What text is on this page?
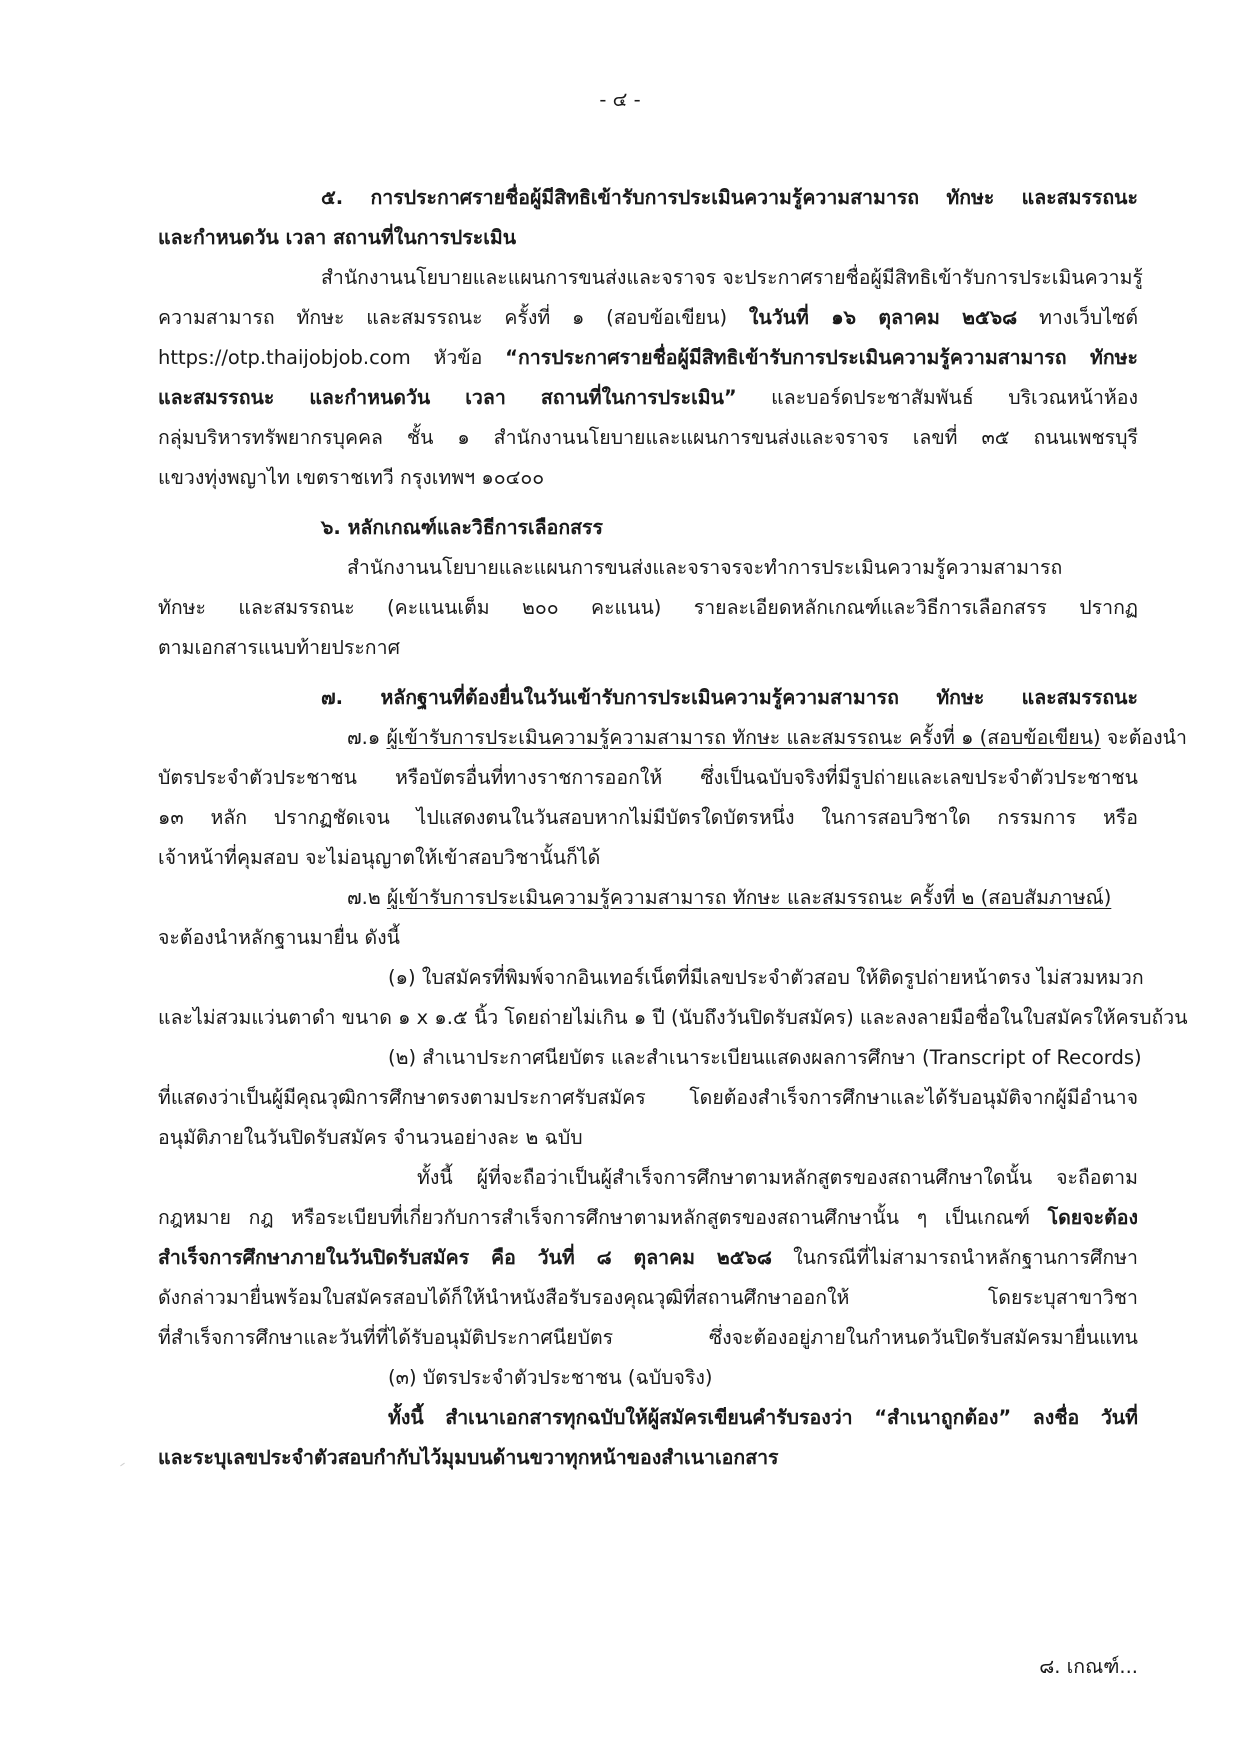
- ๔ -
๕. การประกาศรายชื่อผู้มีสิทธิเข้ารับการประเมินความรู้ความสามารถ ทักษะ และสมรรถนะ
และกำหนดวัน เวลา สถานที่ในการประเมิน
สำนักงานนโยบายและแผนการขนส่งและจราจร จะประกาศรายชื่อผู้มีสิทธิเข้ารับการประเมินความรู้
ความสามารถ ทักษะ และสมรรถนะ ครั้งที่ ๑ (สอบข้อเขียน) ในวันที่ ๑๖ ตุลาคม ๒๕๖๘ ทางเว็บไซต์
https://otp.thaijobjob.com หัวข้อ “การประกาศรายชื่อผู้มีสิทธิเข้ารับการประเมินความรู้ความสามารถ ทักษะ
และสมรรถนะ และกำหนดวัน เวลา สถานที่ในการประเมิน” และบอร์ดประชาสัมพันธ์ บริเวณหน้าห้อง
กลุ่มบริหารทรัพยากรบุคคล ชั้น ๑ สำนักงานนโยบายและแผนการขนส่งและจราจร เลขที่ ๓๕ ถนนเพชรบุรี
แขวงทุ่งพญาไท เขตราชเทวี กรุงเทพฯ ๑๐๔๐๐
๖. หลักเกณฑ์และวิธีการเลือกสรร
สำนักงานนโยบายและแผนการขนส่งและจราจรจะทำการประเมินความรู้ความสามารถ
ทักษะ และสมรรถนะ (คะแนนเต็ม ๒๐๐ คะแนน) รายละเอียดหลักเกณฑ์และวิธีการเลือกสรร ปรากฏ
ตามเอกสารแนบท้ายประกาศ
๗. หลักฐานที่ต้องยื่นในวันเข้ารับการประเมินความรู้ความสามารถ ทักษะ และสมรรถนะ
๗.๑ ผู้เข้ารับการประเมินความรู้ความสามารถ ทักษะ และสมรรถนะ ครั้งที่ ๑ (สอบข้อเขียน) จะต้องนำ
บัตรประจำตัวประชาชน หรือบัตรอื่นที่ทางราชการออกให้ ซึ่งเป็นฉบับจริงที่มีรูปถ่ายและเลขประจำตัวประชาชน
๑๓ หลัก ปรากฏชัดเจน ไปแสดงตนในวันสอบหากไม่มีบัตรใดบัตรหนึ่ง ในการสอบวิชาใด กรรมการ หรือ
เจ้าหน้าที่คุมสอบ จะไม่อนุญาตให้เข้าสอบวิชานั้นก็ได้
๗.๒ ผู้เข้ารับการประเมินความรู้ความสามารถ ทักษะ และสมรรถนะ ครั้งที่ ๒ (สอบสัมภาษณ์)
จะต้องนำหลักฐานมายื่น ดังนี้
(๑) ใบสมัครที่พิมพ์จากอินเทอร์เน็ตที่มีเลขประจำตัวสอบ ให้ติดรูปถ่ายหน้าตรง ไม่สวมหมวก
และไม่สวมแว่นตาดำ ขนาด ๑ x ๑.๕ นิ้ว โดยถ่ายไม่เกิน ๑ ปี (นับถึงวันปิดรับสมัคร) และลงลายมือชื่อในใบสมัครให้ครบถ้วน
(๒) สำเนาประกาศนียบัตร และสำเนาระเบียนแสดงผลการศึกษา (Transcript of Records)
ที่แสดงว่าเป็นผู้มีคุณวุฒิการศึกษาตรงตามประกาศรับสมัคร โดยต้องสำเร็จการศึกษาและได้รับอนุมัติจากผู้มีอำนาจ
อนุมัติภายในวันปิดรับสมัคร จำนวนอย่างละ ๒ ฉบับ
ทั้งนี้ ผู้ที่จะถือว่าเป็นผู้สำเร็จการศึกษาตามหลักสูตรของสถานศึกษาใดนั้น จะถือตาม
กฎหมาย กฎ หรือระเบียบที่เกี่ยวกับการสำเร็จการศึกษาตามหลักสูตรของสถานศึกษานั้น ๆ เป็นเกณฑ์ โดยจะต้อง
สำเร็จการศึกษาภายในวันปิดรับสมัคร คือ วันที่ ๘ ตุลาคม ๒๕๖๘ ในกรณีที่ไม่สามารถนำหลักฐานการศึกษา
ดังกล่าวมายื่นพร้อมใบสมัครสอบได้ก็ให้นำหนังสือรับรองคุณวุฒิที่สถานศึกษาออกให้ โดยระบุสาขาวิชา
ที่สำเร็จการศึกษาและวันที่ที่ได้รับอนุมัติประกาศนียบัตร ซึ่งจะต้องอยู่ภายในกำหนดวันปิดรับสมัครมายื่นแทน
(๓) บัตรประจำตัวประชาชน (ฉบับจริง)
ทั้งนี้ สำเนาเอกสารทุกฉบับให้ผู้สมัครเขียนคำรับรองว่า “สำเนาถูกต้อง” ลงชื่อ วันที่
และระบุเลขประจำตัวสอบกำกับไว้มุมบนด้านขวาทุกหน้าของสำเนาเอกสาร
๘. เกณฑ์...
